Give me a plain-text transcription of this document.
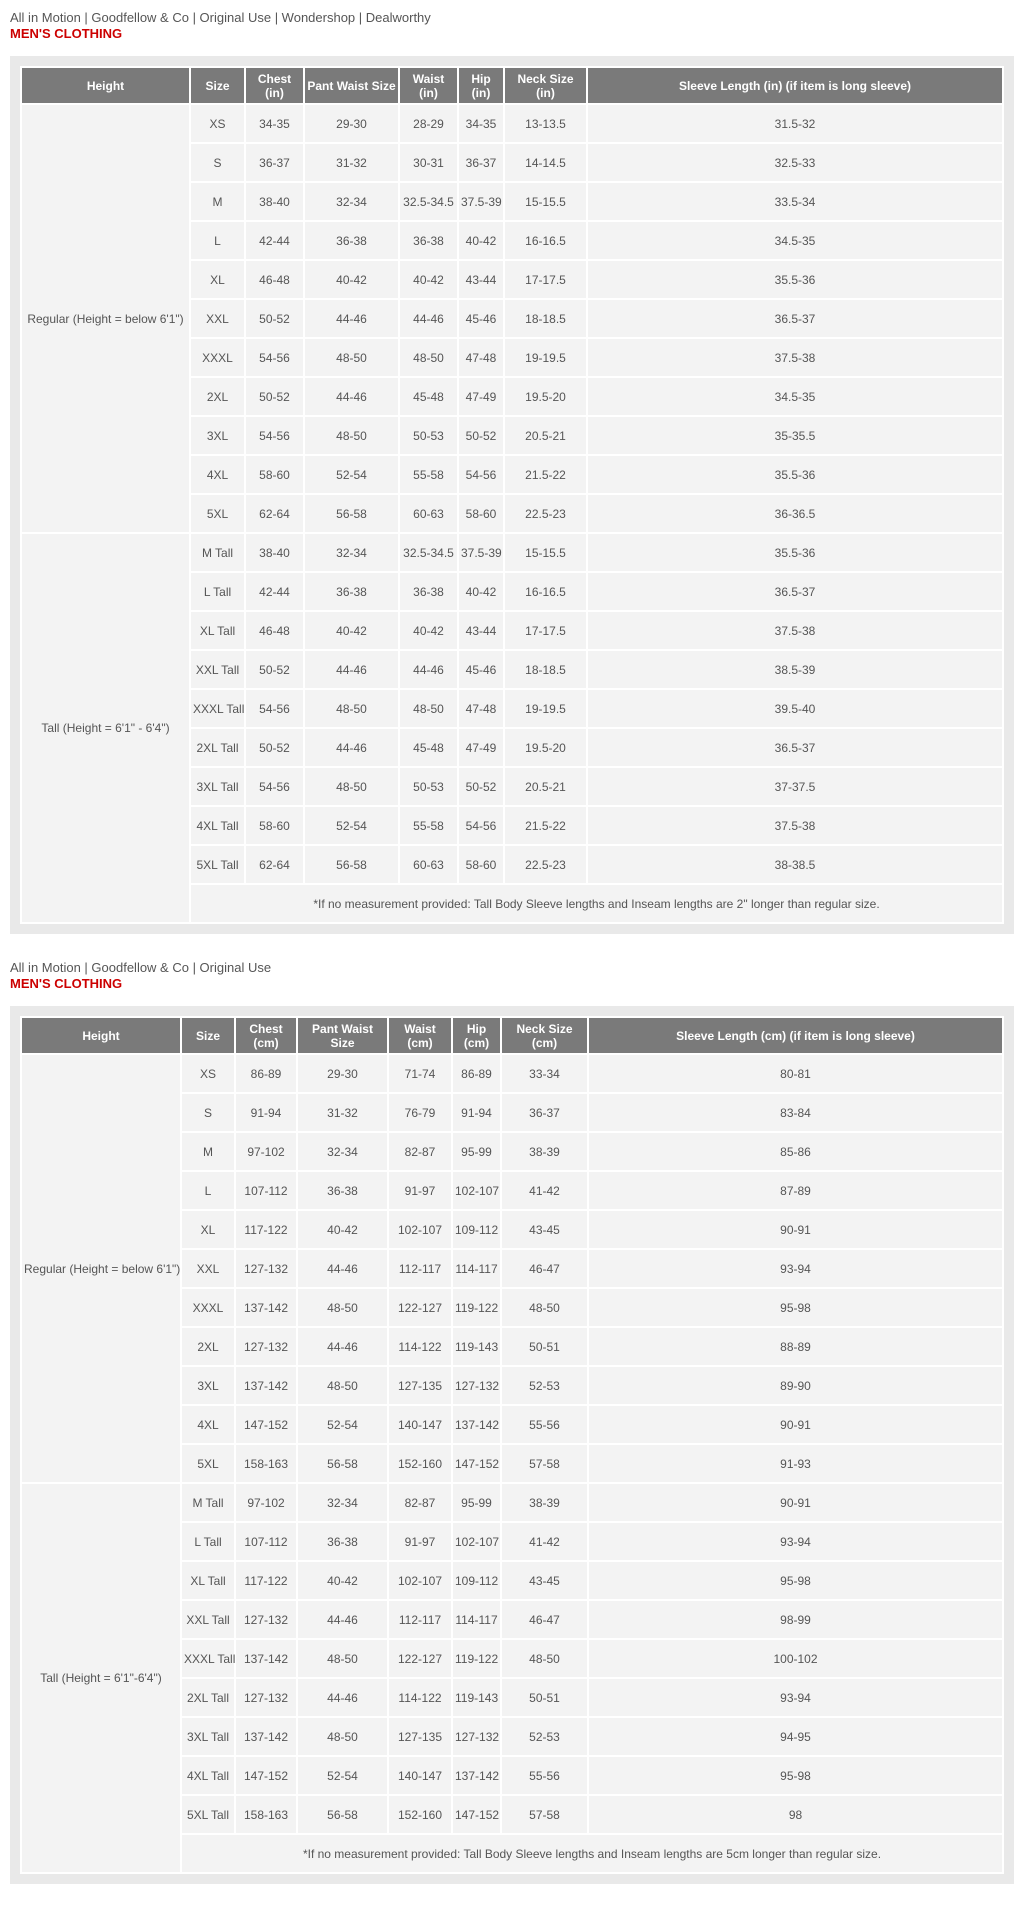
All in Motion | Goodfellow & Co | Original Use | Wondershop | Dealworthy

MEN'S CLOTHING

Height	Size	Chest (in)	Pant Waist Size	Waist (in)	Hip (in)	Neck Size (in)	Sleeve Length (in) (if item is long sleeve)
Regular (Height = below 6'1")	XS	34-35	29-30	28-29	34-35	13-13.5	31.5-32
	S	36-37	31-32	30-31	36-37	14-14.5	32.5-33
	M	38-40	32-34	32.5-34.5	37.5-39	15-15.5	33.5-34
	L	42-44	36-38	36-38	40-42	16-16.5	34.5-35
	XL	46-48	40-42	40-42	43-44	17-17.5	35.5-36
	XXL	50-52	44-46	44-46	45-46	18-18.5	36.5-37
	XXXL	54-56	48-50	48-50	47-48	19-19.5	37.5-38
	2XL	50-52	44-46	45-48	47-49	19.5-20	34.5-35
	3XL	54-56	48-50	50-53	50-52	20.5-21	35-35.5
	4XL	58-60	52-54	55-58	54-56	21.5-22	35.5-36
	5XL	62-64	56-58	60-63	58-60	22.5-23	36-36.5
Tall (Height = 6'1" - 6'4")	M Tall	38-40	32-34	32.5-34.5	37.5-39	15-15.5	35.5-36
	L Tall	42-44	36-38	36-38	40-42	16-16.5	36.5-37
	XL Tall	46-48	40-42	40-42	43-44	17-17.5	37.5-38
	XXL Tall	50-52	44-46	44-46	45-46	18-18.5	38.5-39
	XXXL Tall	54-56	48-50	48-50	47-48	19-19.5	39.5-40
	2XL Tall	50-52	44-46	45-48	47-49	19.5-20	36.5-37
	3XL Tall	54-56	48-50	50-53	50-52	20.5-21	37-37.5
	4XL Tall	58-60	52-54	55-58	54-56	21.5-22	37.5-38
	5XL Tall	62-64	56-58	60-63	58-60	22.5-23	38-38.5
	*If no measurement provided: Tall Body Sleeve lengths and Inseam lengths are 2" longer than regular size.						

All in Motion | Goodfellow & Co | Original Use

MEN'S CLOTHING

Height	Size	Chest (cm)	Pant Waist Size	Waist (cm)	Hip (cm)	Neck Size (cm)	Sleeve Length (cm) (if item is long sleeve)
Regular (Height = below 6'1")	XS	86-89	29-30	71-74	86-89	33-34	80-81
	S	91-94	31-32	76-79	91-94	36-37	83-84
	M	97-102	32-34	82-87	95-99	38-39	85-86
	L	107-112	36-38	91-97	102-107	41-42	87-89
	XL	117-122	40-42	102-107	109-112	43-45	90-91
	XXL	127-132	44-46	112-117	114-117	46-47	93-94
	XXXL	137-142	48-50	122-127	119-122	48-50	95-98
	2XL	127-132	44-46	114-122	119-143	50-51	88-89
	3XL	137-142	48-50	127-135	127-132	52-53	89-90
	4XL	147-152	52-54	140-147	137-142	55-56	90-91
	5XL	158-163	56-58	152-160	147-152	57-58	91-93
Tall (Height = 6'1"-6'4")	M Tall	97-102	32-34	82-87	95-99	38-39	90-91
	L Tall	107-112	36-38	91-97	102-107	41-42	93-94
	XL Tall	117-122	40-42	102-107	109-112	43-45	95-98
	XXL Tall	127-132	44-46	112-117	114-117	46-47	98-99
	XXXL Tall	137-142	48-50	122-127	119-122	48-50	100-102
	2XL Tall	127-132	44-46	114-122	119-143	50-51	93-94
	3XL Tall	137-142	48-50	127-135	127-132	52-53	94-95
	4XL Tall	147-152	52-54	140-147	137-142	55-56	95-98
	5XL Tall	158-163	56-58	152-160	147-152	57-58	98
	*If no measurement provided: Tall Body Sleeve lengths and Inseam lengths are 5cm longer than regular size.						
